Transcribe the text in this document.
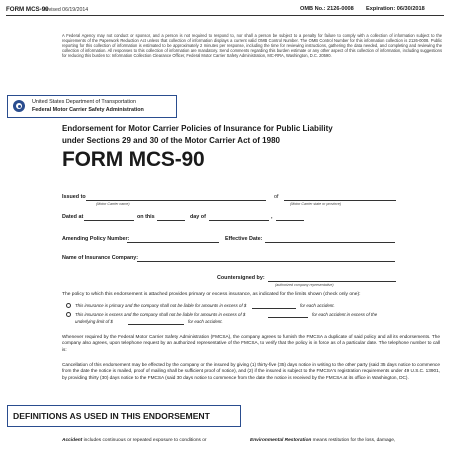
FORM MCS-90
Revised 06/19/2014	OMB No.: 2126-0008 Expiration: 06/30/2018
A Federal Agency may not conduct or sponsor, and a person is not required to respond to, nor shall a person be subject to a penalty for failure to comply with a collection of information subject to the requirements of the Paperwork Reduction Act unless that collection of information displays a current valid OMB Control Number. The OMB Control Number for this information collection is 2126-0008. Public reporting for this collection of information is estimated to be approximately 2 minutes per response, including the time for reviewing instructions, gathering the data needed, and completing and reviewing the collection of information. All responses to this collection of information are mandatory. Send comments regarding this burden estimate or any other aspect of this collection of information, including suggestions for reducing this burden to: Information Collection Clearance Officer, Federal Motor Carrier Safety Administration, MC-RRA, Washington, D.C. 20590.
United States Department of Transportation
Federal Motor Carrier Safety Administration
Endorsement for Motor Carrier Policies of Insurance for Public Liability
under Sections 29 and 30 of the Motor Carrier Act of 1980
FORM MCS-90
Issued to
(Motor Carrier name)
of
(Motor Carrier state or province)
Dated at	on this	day of	,
Amending Policy Number:	Effective Date:
Name of Insurance Company:
Countersigned by:
(authorized company representative)
The policy to which this endorsement is attached provides primary or excess insurance, as indicated for the limits shown (check only one):
This insurance is primary and the company shall not be liable for amounts in excess of $	for each accident.
This insurance is excess and the company shall not be liable for amounts in excess of $	for each accident in excess of the
underlying limit of $	for each accident.
Whenever required by the Federal Motor Carrier Safety Administration (FMCSA), the company agrees to furnish the FMCSA a duplicate of said policy and all its endorsements. The company also agrees, upon telephone request by an authorized representative of the FMCSA, to verify that the policy is in force as of a particular date. The telephone number to call is:
Cancellation of this endorsement may be effected by the company or the insured by giving (1) thirty-five (35) days notice in writing to the other party (said 35 days notice to commence from the date the notice is mailed, proof of mailing shall be sufficient proof of notice), and (2) if the insured is subject to the FMCSA's registration requirements under 49 U.S.C. 13901, by providing thirty (30) days notice to the FMCSA (said 30 days notice to commence from the date the notice is received by the FMCSA at its office in Washington, DC).
DEFINITIONS AS USED IN THIS ENDORSEMENT
Accident includes continuous or repeated exposure to conditions or	Environmental Restoration means restitution for the loss, damage,
